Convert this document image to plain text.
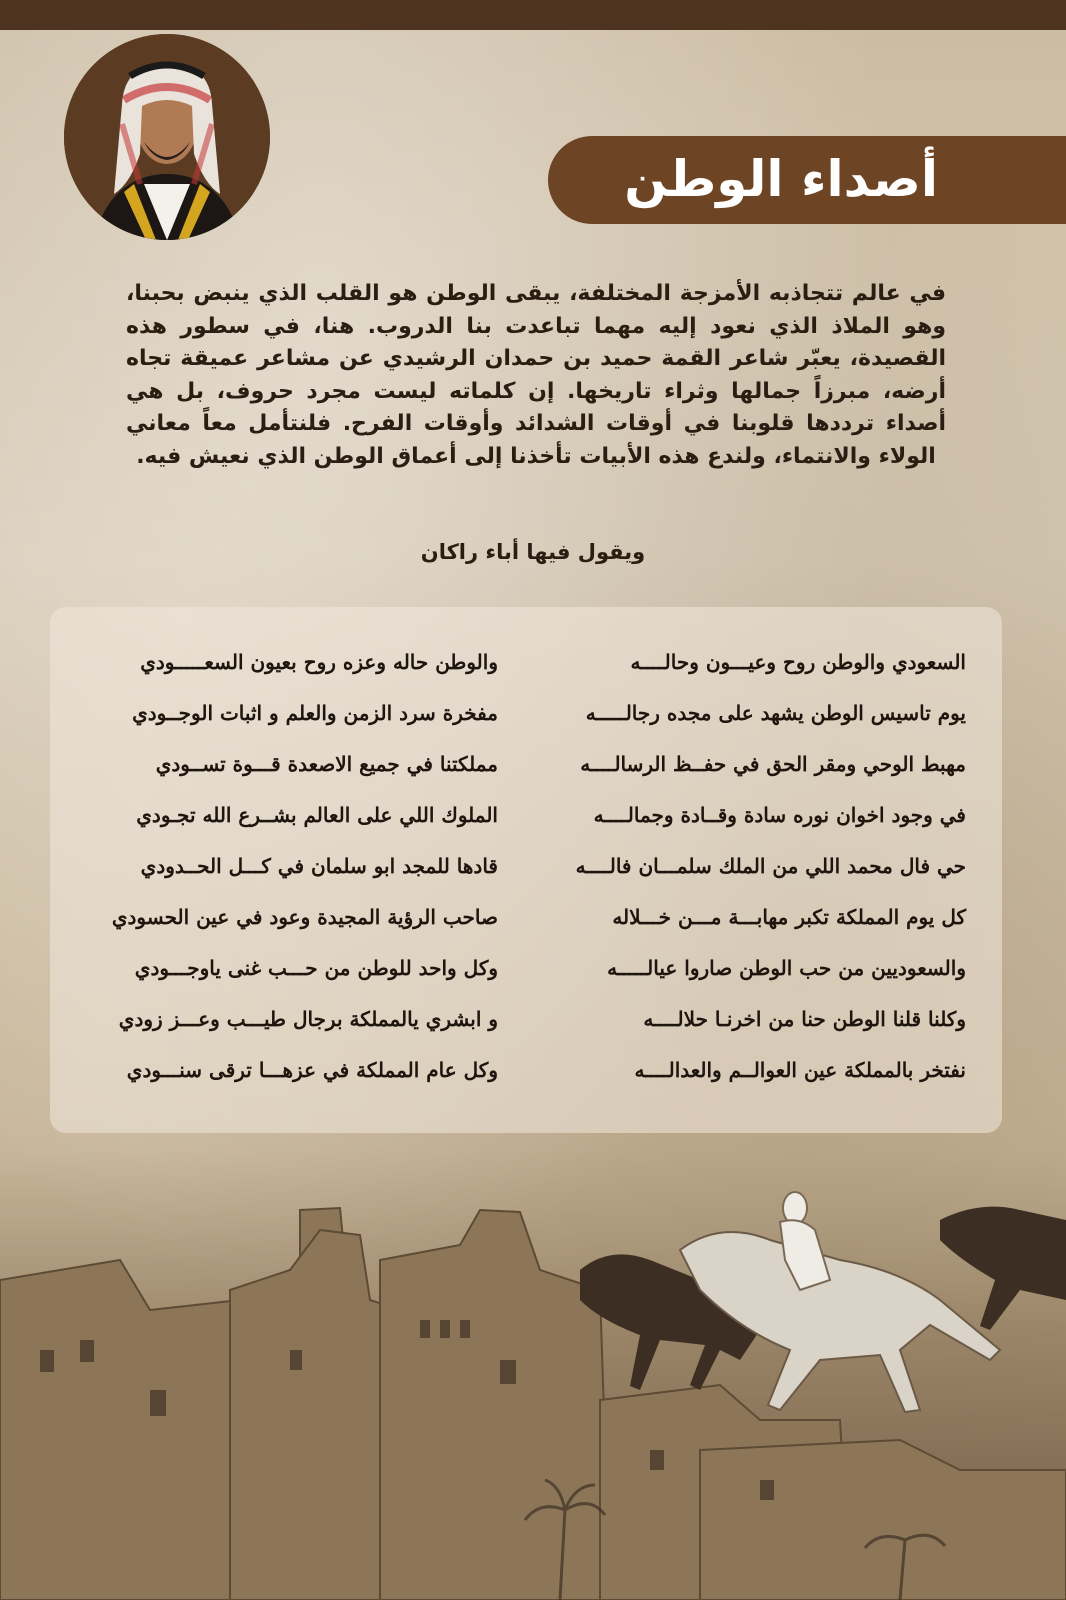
أصداء الوطن
في عالم تتجاذبه الأمزجة المختلفة، يبقى الوطن هو القلب الذي ينبض بحبنا، وهو الملاذ الذي نعود إليه مهما تباعدت بنا الدروب. هنا، في سطور هذه القصيدة، يعبّر شاعر القمة حميد بن حمدان الرشيدي عن مشاعر عميقة تجاه أرضه، مبرزاً جمالها وثراء تاريخها. إن كلماته ليست مجرد حروف، بل هي أصداء ترددها قلوبنا في أوقات الشدائد وأوقات الفرح. فلنتأمل معاً معاني الولاء والانتماء، ولندع هذه الأبيات تأخذنا إلى أعماق الوطن الذي نعيش فيه.
ويقول فيها أباء راكان
السعودي والوطن روح وعيـــون وحالــــه
يوم تاسيس الوطن يشهد على مجده رجالـــــه
مهبط الوحي ومقر الحق في حفــظ الرسالــــه
في وجود اخوان نوره سادة وقــادة وجمالــــه
حي فال محمد اللي من الملك سلمـــان فالــــه
كل يوم المملكة تكبر مهابـــة مـــن خـــلاله
والسعوديين من حب الوطن صاروا عيالـــــه
وكلنا قلنا الوطن حنا من اخرنـا حلالــــه
نفتخر بالمملكة عين العوالــم والعدالــــه
والوطن حاله وعزه روح بعيون السعـــــودي
مفخرة سرد الزمن والعلم و اثبات الوجــودي
مملكتنا في جميع الاصعدة قـــوة تســودي
الملوك اللي على العالم بشــرع الله تجـودي
قادها للمجد ابو سلمان في كـــل الحــدودي
صاحب الرؤية المجيدة وعود في عين الحسودي
وكل واحد للوطن من حـــب غنى ياوجـــودي
و ابشري يالمملكة برجال طيـــب وعـــز زودي
وكل عام المملكة في عزهـــا ترقى سنـــودي
